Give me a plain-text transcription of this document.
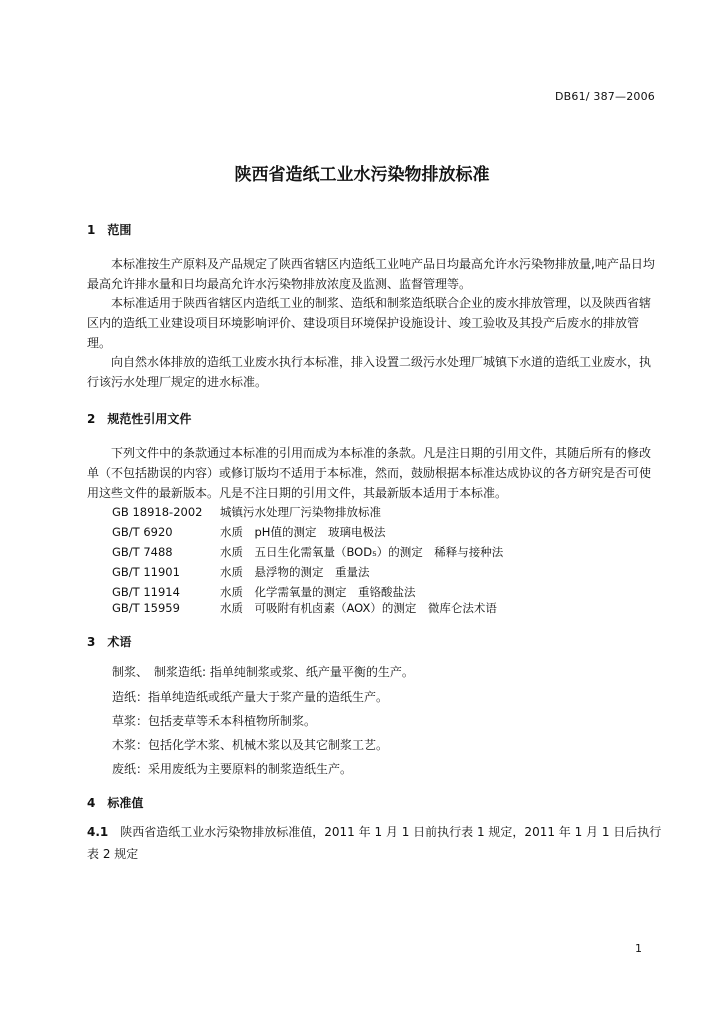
DB61/ 387—2006
陕西省造纸工业水污染物排放标准
1　范围
本标准按生产原料及产品规定了陕西省辖区内造纸工业吨产品日均最高允许水污染物排放量,吨产品日均最高允许排水量和日均最高允许水污染物排放浓度及监测、监督管理等。
本标准适用于陕西省辖区内造纸工业的制浆、造纸和制浆造纸联合企业的废水排放管理，以及陕西省辖区内的造纸工业建设项目环境影响评价、建设项目环境保护设施设计、竣工验收及其投产后废水的排放管理。
向自然水体排放的造纸工业废水执行本标准，排入设置二级污水处理厂城镇下水道的造纸工业废水，执行该污水处理厂规定的进水标准。
2　规范性引用文件
下列文件中的条款通过本标准的引用而成为本标准的条款。凡是注日期的引用文件，其随后所有的修改单（不包括勘误的内容）或修订版均不适用于本标准，然而，鼓励根据本标准达成协议的各方研究是否可使用这些文件的最新版本。凡是不注日期的引用文件，其最新版本适用于本标准。
GB 18918-2002 城镇污水处理厂污染物排放标准
GB/T 6920	水质　pH值的测定　玻璃电极法
GB/T 7488	水质　五日生化需氧量（BOD₅）的测定　稀释与接种法
GB/T 11901	水质　悬浮物的测定　重量法
GB/T 11914	水质　化学需氧量的测定　重铬酸盐法
GB/T 15959	水质　可吸附有机卤素（AOX）的测定　微库仑法术语
3　术语
制浆、　制浆造纸: 指单纯制浆或浆、纸产量平衡的生产。
造纸：指单纯造纸或纸产量大于浆产量的造纸生产。
草浆：包括麦草等禾本科植物所制浆。
木浆：包括化学木浆、机械木浆以及其它制浆工艺。
废纸：采用废纸为主要原料的制浆造纸生产。
4　标准值
4.1　 陕西省造纸工业水污染物排放标准值，2011 年 1 月 1 日前执行表 1 规定，2011 年 1 月 1 日后执行表 2 规定
1
